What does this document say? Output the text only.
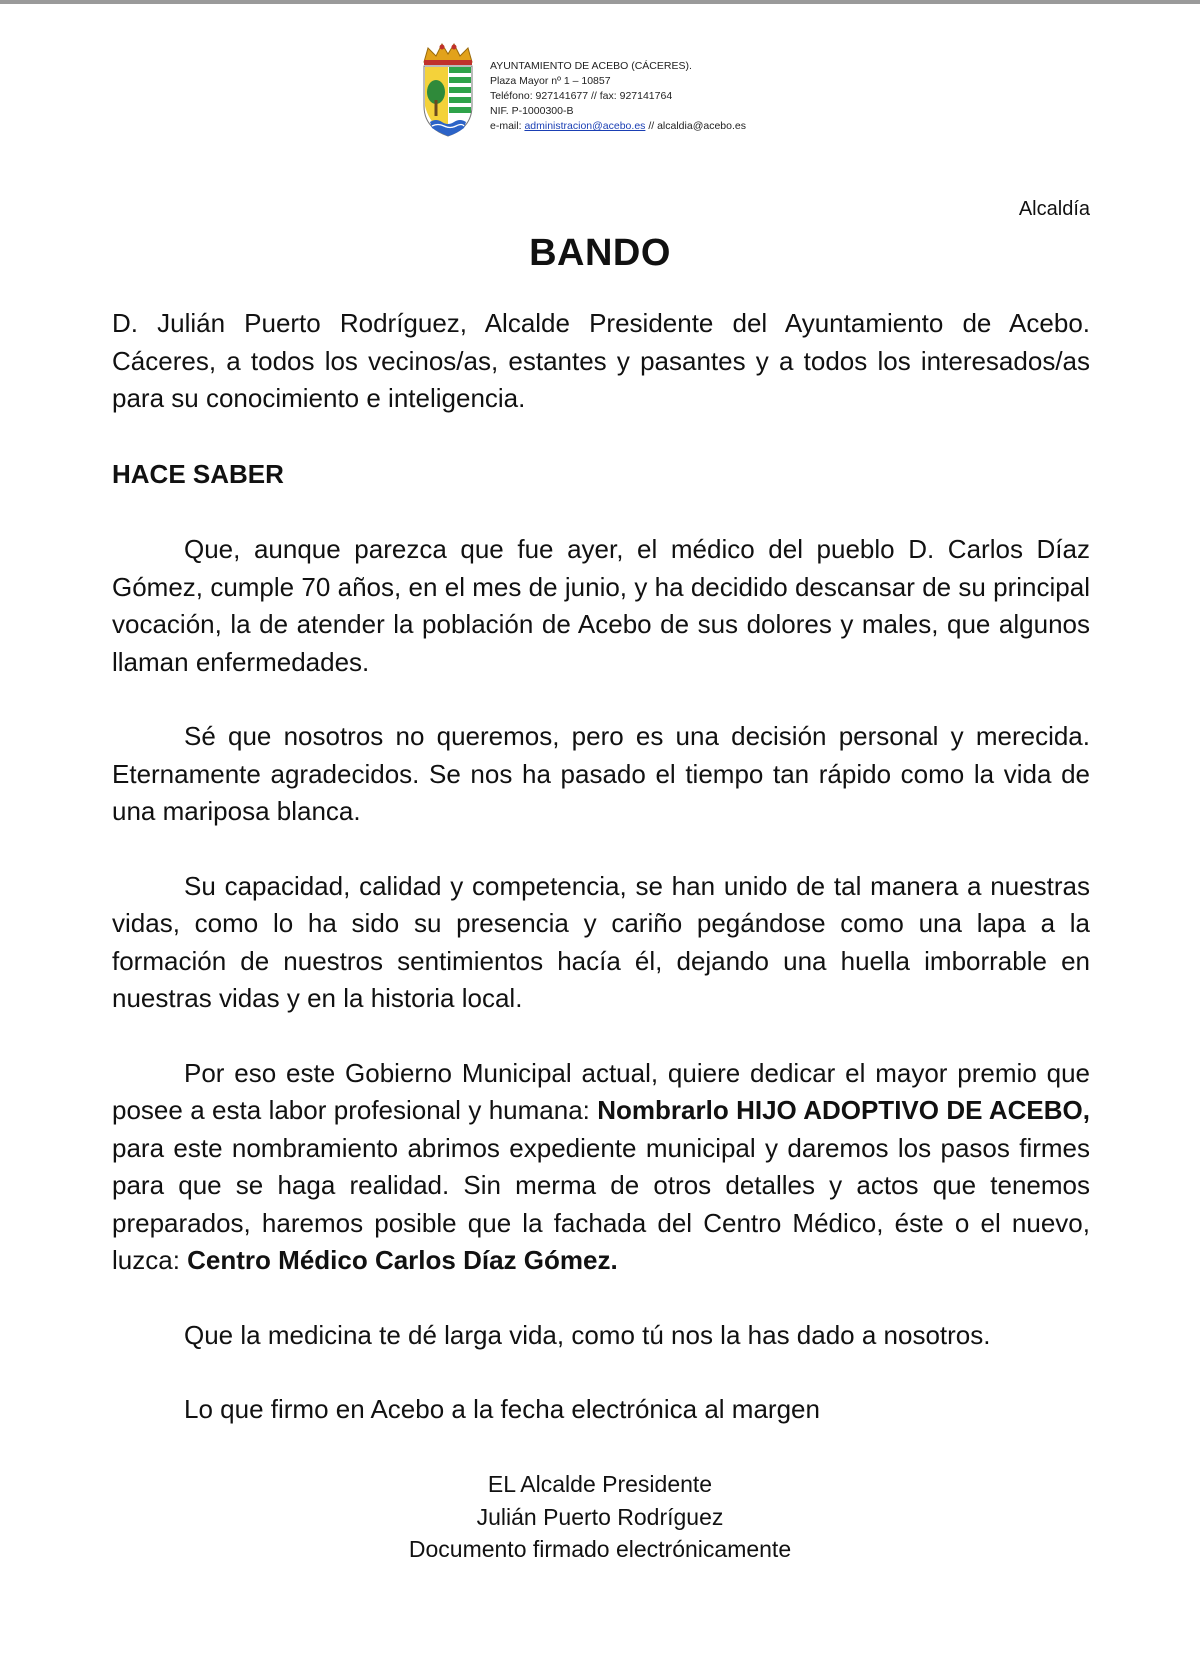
AYUNTAMIENTO DE ACEBO (CÁCERES).
Plaza Mayor nº 1 – 10857
Teléfono: 927141677 // fax: 927141764
NIF. P-1000300-B
e-mail: administracion@acebo.es // alcaldia@acebo.es
Alcaldía
BANDO

D. Julián Puerto Rodríguez, Alcalde Presidente del Ayuntamiento de Acebo. Cáceres, a todos los vecinos/as, estantes y pasantes y a todos los interesados/as para su conocimiento e inteligencia.

HACE SABER

Que, aunque parezca que fue ayer, el médico del pueblo D. Carlos Díaz Gómez, cumple 70 años, en el mes de junio, y ha decidido descansar de su principal vocación, la de atender la población de Acebo de sus dolores y males, que algunos llaman enfermedades.

Sé que nosotros no queremos, pero es una decisión personal y merecida. Eternamente agradecidos. Se nos ha pasado el tiempo tan rápido como la vida de una mariposa blanca.

Su capacidad, calidad y competencia, se han unido de tal manera a nuestras vidas, como lo ha sido su presencia y cariño pegándose como una lapa a la formación de nuestros sentimientos hacía él, dejando una huella imborrable en nuestras vidas y en la historia local.

Por eso este Gobierno Municipal actual, quiere dedicar el mayor premio que posee a esta labor profesional y humana: Nombrarlo HIJO ADOPTIVO DE ACEBO, para este nombramiento abrimos expediente municipal y daremos los pasos firmes para que se haga realidad. Sin merma de otros detalles y actos que tenemos preparados, haremos posible que la fachada del Centro Médico, éste o el nuevo, luzca: Centro Médico Carlos Díaz Gómez.

Que la medicina te dé larga vida, como tú nos la has dado a nosotros.

Lo que firmo en Acebo a la fecha electrónica al margen

EL Alcalde Presidente
Julián Puerto Rodríguez
Documento firmado electrónicamente
